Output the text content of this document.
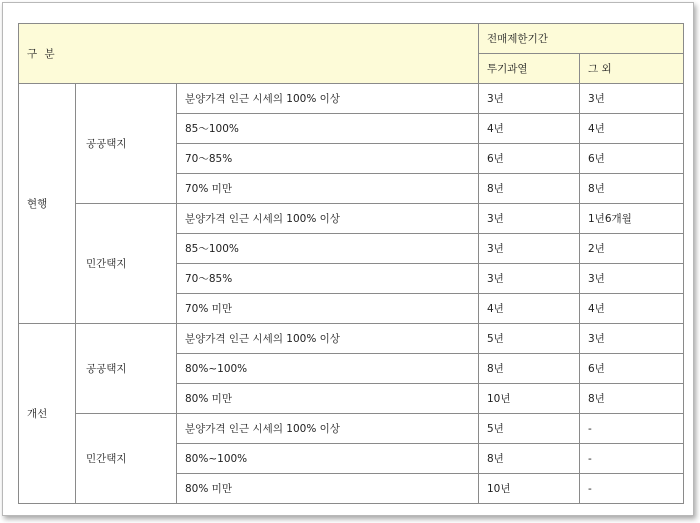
구 분			전매제한기간	
			투기과열	그 외
현행	공공택지	분양가격 인근 시세의 100% 이상	3년	3년
		85～100%	4년	4년
		70～85%	6년	6년
		70% 미만	8년	8년
	민간택지	분양가격 인근 시세의 100% 이상	3년	1년6개월
		85～100%	3년	2년
		70～85%	3년	3년
		70% 미만	4년	4년
개선	공공택지	분양가격 인근 시세의 100% 이상	5년	3년
		80%~100%	8년	6년
		80% 미만	10년	8년
	민간택지	분양가격 인근 시세의 100% 이상	5년	-
		80%~100%	8년	-
		80% 미만	10년	-
